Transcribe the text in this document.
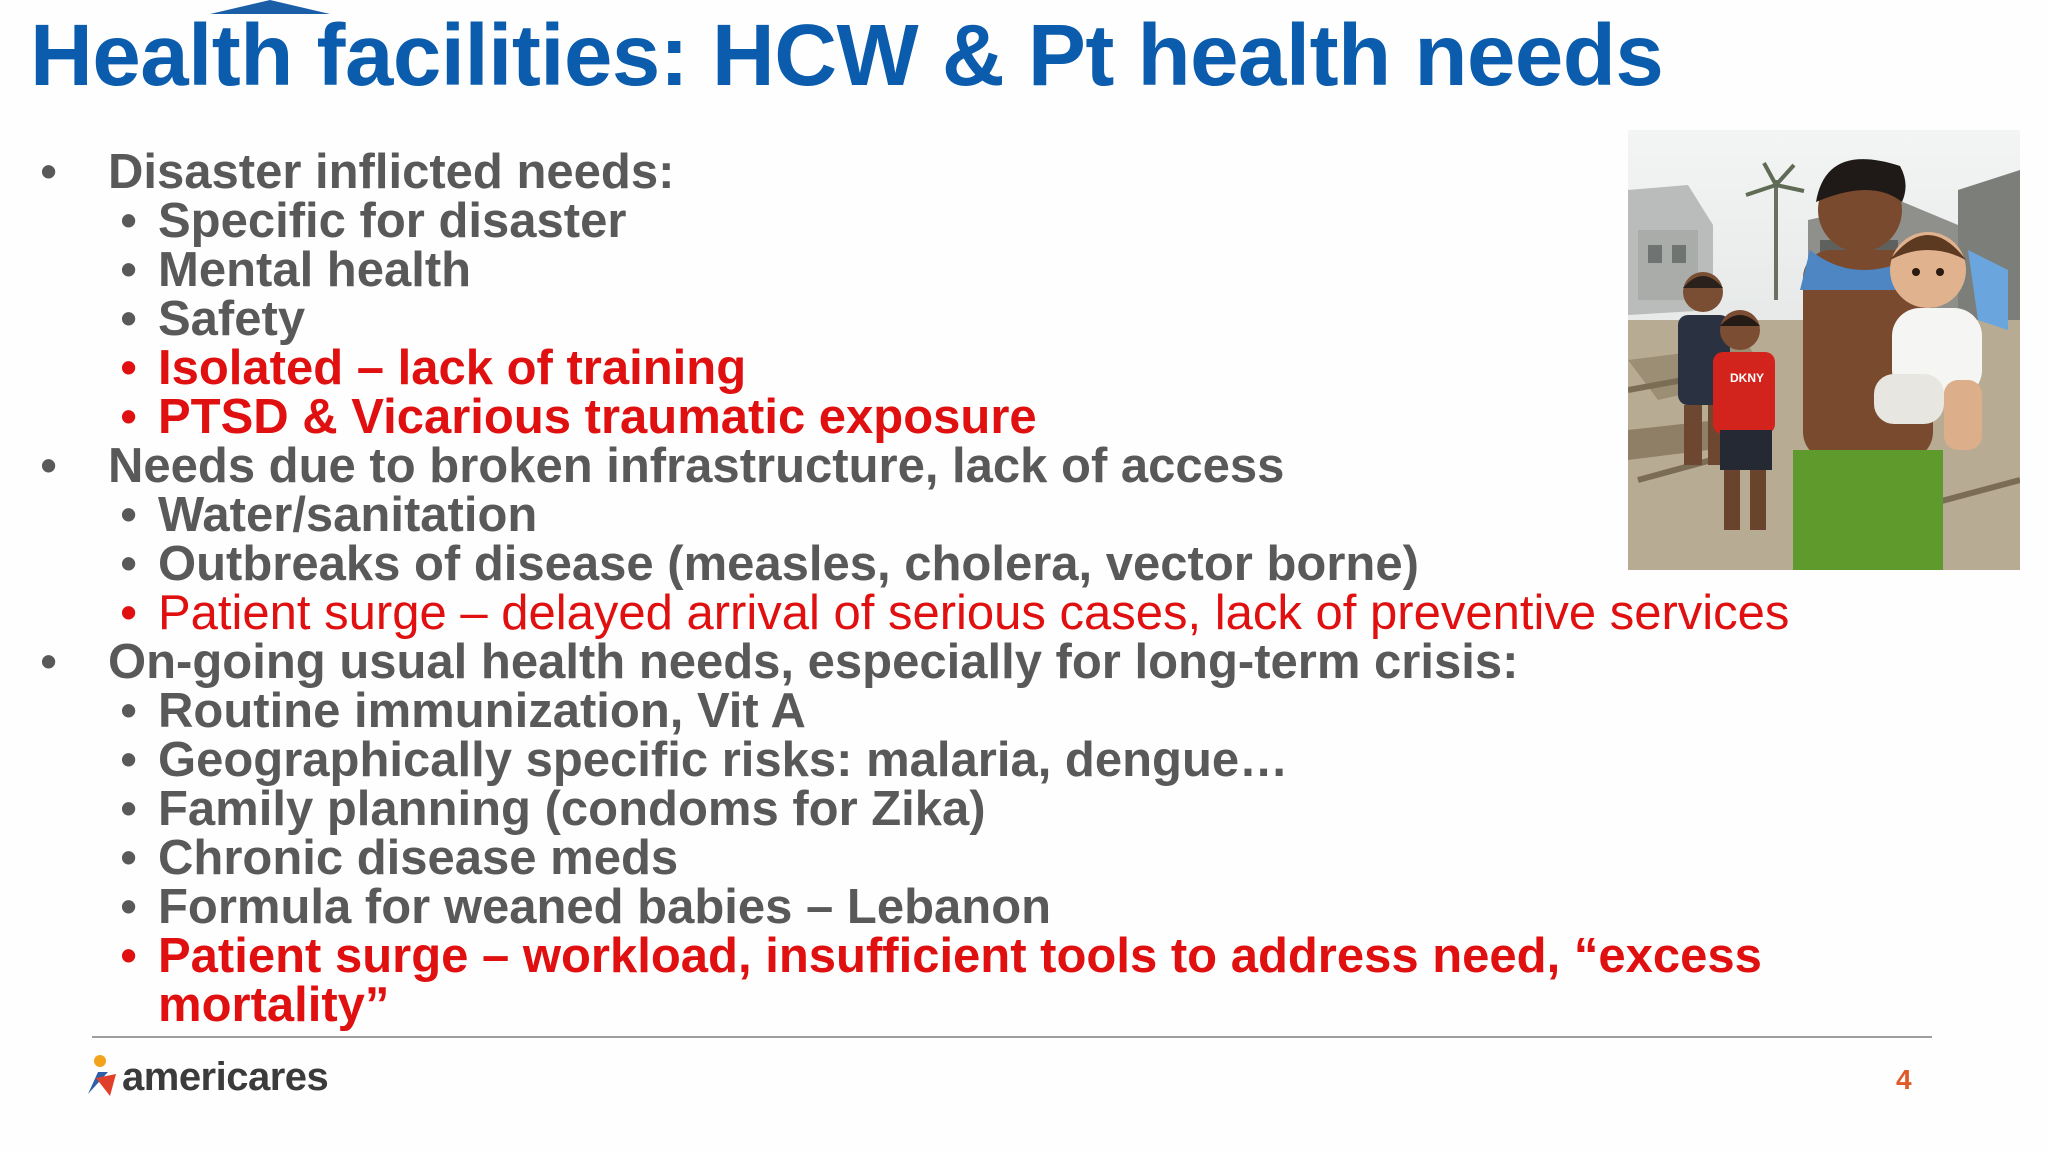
Health facilities: HCW & Pt health needs
• Disaster inflicted needs:
• Specific for disaster
• Mental health
• Safety
• Isolated – lack of training
• PTSD & Vicarious traumatic exposure
• Needs due to broken infrastructure, lack of access
• Water/sanitation
• Outbreaks of disease (measles, cholera, vector borne)
• Patient surge – delayed arrival of serious cases, lack of preventive services
• On-going usual health needs, especially for long-term crisis:
• Routine immunization, Vit A
• Geographically specific risks: malaria, dengue…
• Family planning (condoms for Zika)
• Chronic disease meds
• Formula for weaned babies – Lebanon
• Patient surge – workload, insufficient tools to address need, “excess mortality”
DKNY
americares	4
